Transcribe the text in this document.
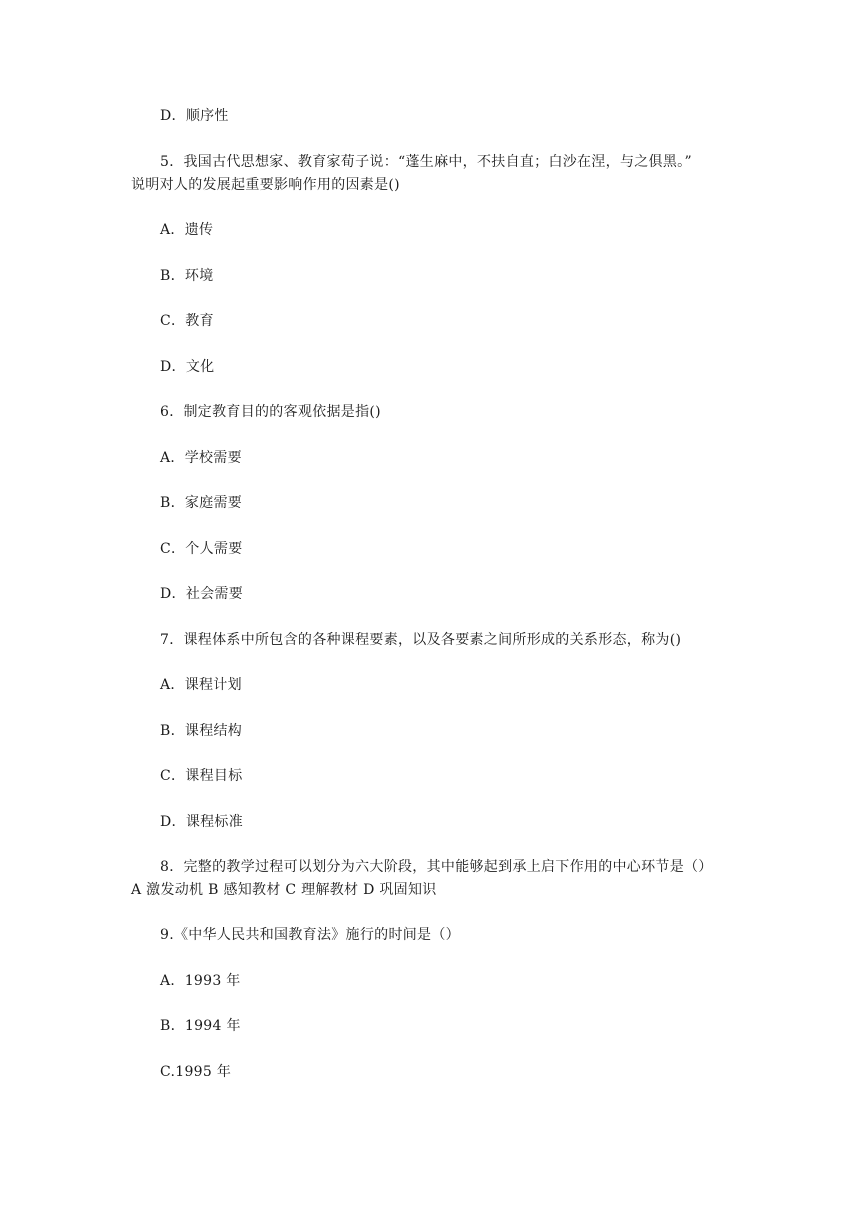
D．顺序性
5．我国古代思想家、教育家荀子说：“蓬生麻中，不扶自直；白沙在涅，与之俱黑。”
说明对人的发展起重要影响作用的因素是()
A．遗传
B．环境
C．教育
D．文化
6．制定教育目的的客观依据是指()
A．学校需要
B．家庭需要
C．个人需要
D．社会需要
7．课程体系中所包含的各种课程要素，以及各要素之间所形成的关系形态，称为()
A．课程计划
B．课程结构
C．课程目标
D．课程标准
8．完整的教学过程可以划分为六大阶段，其中能够起到承上启下作用的中心环节是（）
A 激发动机 B 感知教材 C 理解教材 D 巩固知识
9.《中华人民共和国教育法》施行的时间是（）
A．1993 年
B．1994 年
C.1995 年
